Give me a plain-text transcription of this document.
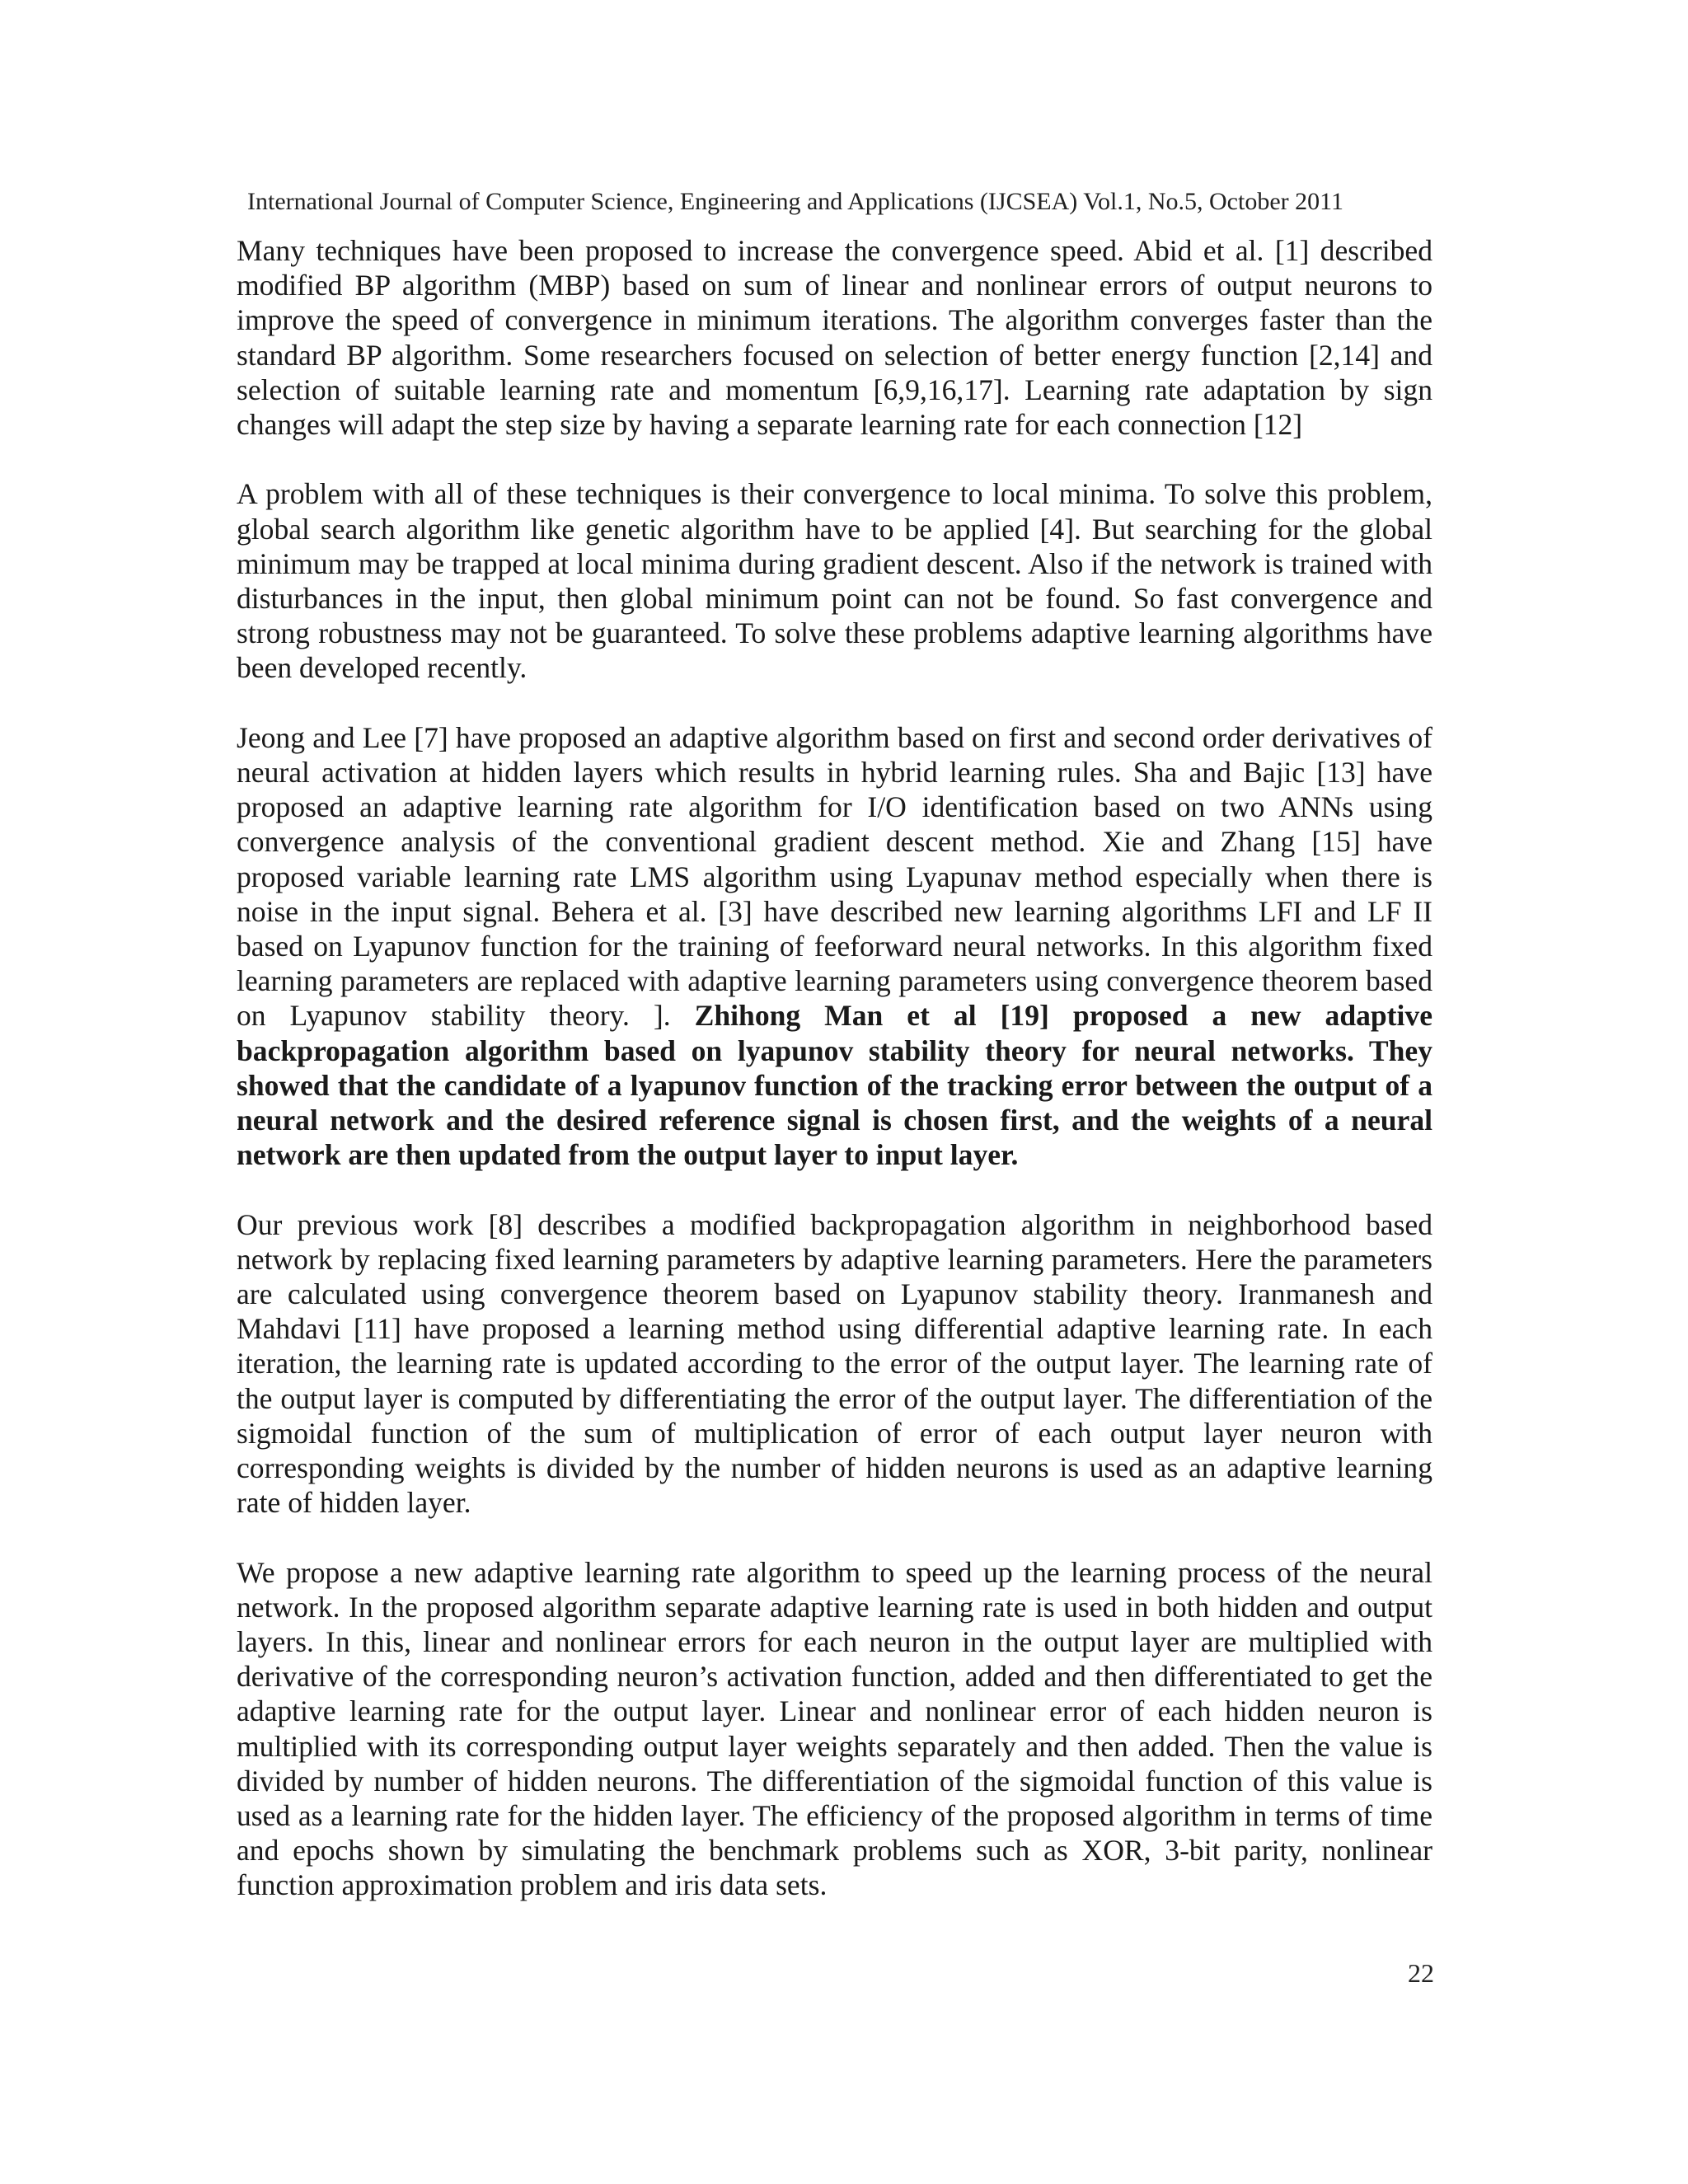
International Journal of Computer Science, Engineering and Applications (IJCSEA) Vol.1, No.5, October 2011

Many techniques have been proposed to increase the convergence speed. Abid et al. [1] described modified BP algorithm (MBP) based on sum of linear and nonlinear errors of output neurons to improve the speed of convergence in minimum iterations. The algorithm converges faster than the standard BP algorithm. Some researchers focused on selection of better energy function [2,14] and selection of suitable learning rate and momentum [6,9,16,17]. Learning rate adaptation by sign changes will adapt the step size by having a separate learning rate for each connection [12]

A problem with all of these techniques is their convergence to local minima. To solve this problem, global search algorithm like genetic algorithm have to be applied [4]. But searching for the global minimum may be trapped at local minima during gradient descent. Also if the network is trained with disturbances in the input, then global minimum point can not be found. So fast convergence and strong robustness may not be guaranteed. To solve these problems adaptive learning algorithms have been developed recently.

Jeong and Lee [7] have proposed an adaptive algorithm based on first and second order derivatives of neural activation at hidden layers which results in hybrid learning rules. Sha and Bajic [13] have proposed an adaptive learning rate algorithm for I/O identification based on two ANNs using convergence analysis of the conventional gradient descent method. Xie and Zhang [15] have proposed variable learning rate LMS algorithm using Lyapunav method especially when there is noise in the input signal. Behera et al. [3] have described new learning algorithms LFI and LF II based on Lyapunov function for the training of feeforward neural networks. In this algorithm fixed learning parameters are replaced with adaptive learning parameters using convergence theorem based on Lyapunov stability theory. ]. Zhihong Man et al [19] proposed a new adaptive backpropagation algorithm based on lyapunov stability theory for neural networks. They showed that the candidate of a lyapunov function of the tracking error between the output of a neural network and the desired reference signal is chosen first, and the weights of a neural network are then updated from the output layer to input layer.

Our previous work [8] describes a modified backpropagation algorithm in neighborhood based network by replacing fixed learning parameters by adaptive learning parameters. Here the parameters are calculated using convergence theorem based on Lyapunov stability theory. Iranmanesh and Mahdavi [11] have proposed a learning method using differential adaptive learning rate. In each iteration, the learning rate is updated according to the error of the output layer. The learning rate of the output layer is computed by differentiating the error of the output layer. The differentiation of the sigmoidal function of the sum of multiplication of error of each output layer neuron with corresponding weights is divided by the number of hidden neurons is used as an adaptive learning rate of hidden layer.

We propose a new adaptive learning rate algorithm to speed up the learning process of the neural network. In the proposed algorithm separate adaptive learning rate is used in both hidden and output layers. In this, linear and nonlinear errors for each neuron in the output layer are multiplied with derivative of the corresponding neuron’s activation function, added and then differentiated to get the adaptive learning rate for the output layer. Linear and nonlinear error of each hidden neuron is multiplied with its corresponding output layer weights separately and then added. Then the value is divided by number of hidden neurons. The differentiation of the sigmoidal function of this value is used as a learning rate for the hidden layer. The efficiency of the proposed algorithm in terms of time and epochs shown by simulating the benchmark problems such as XOR, 3-bit parity, nonlinear function approximation problem and iris data sets.

22
